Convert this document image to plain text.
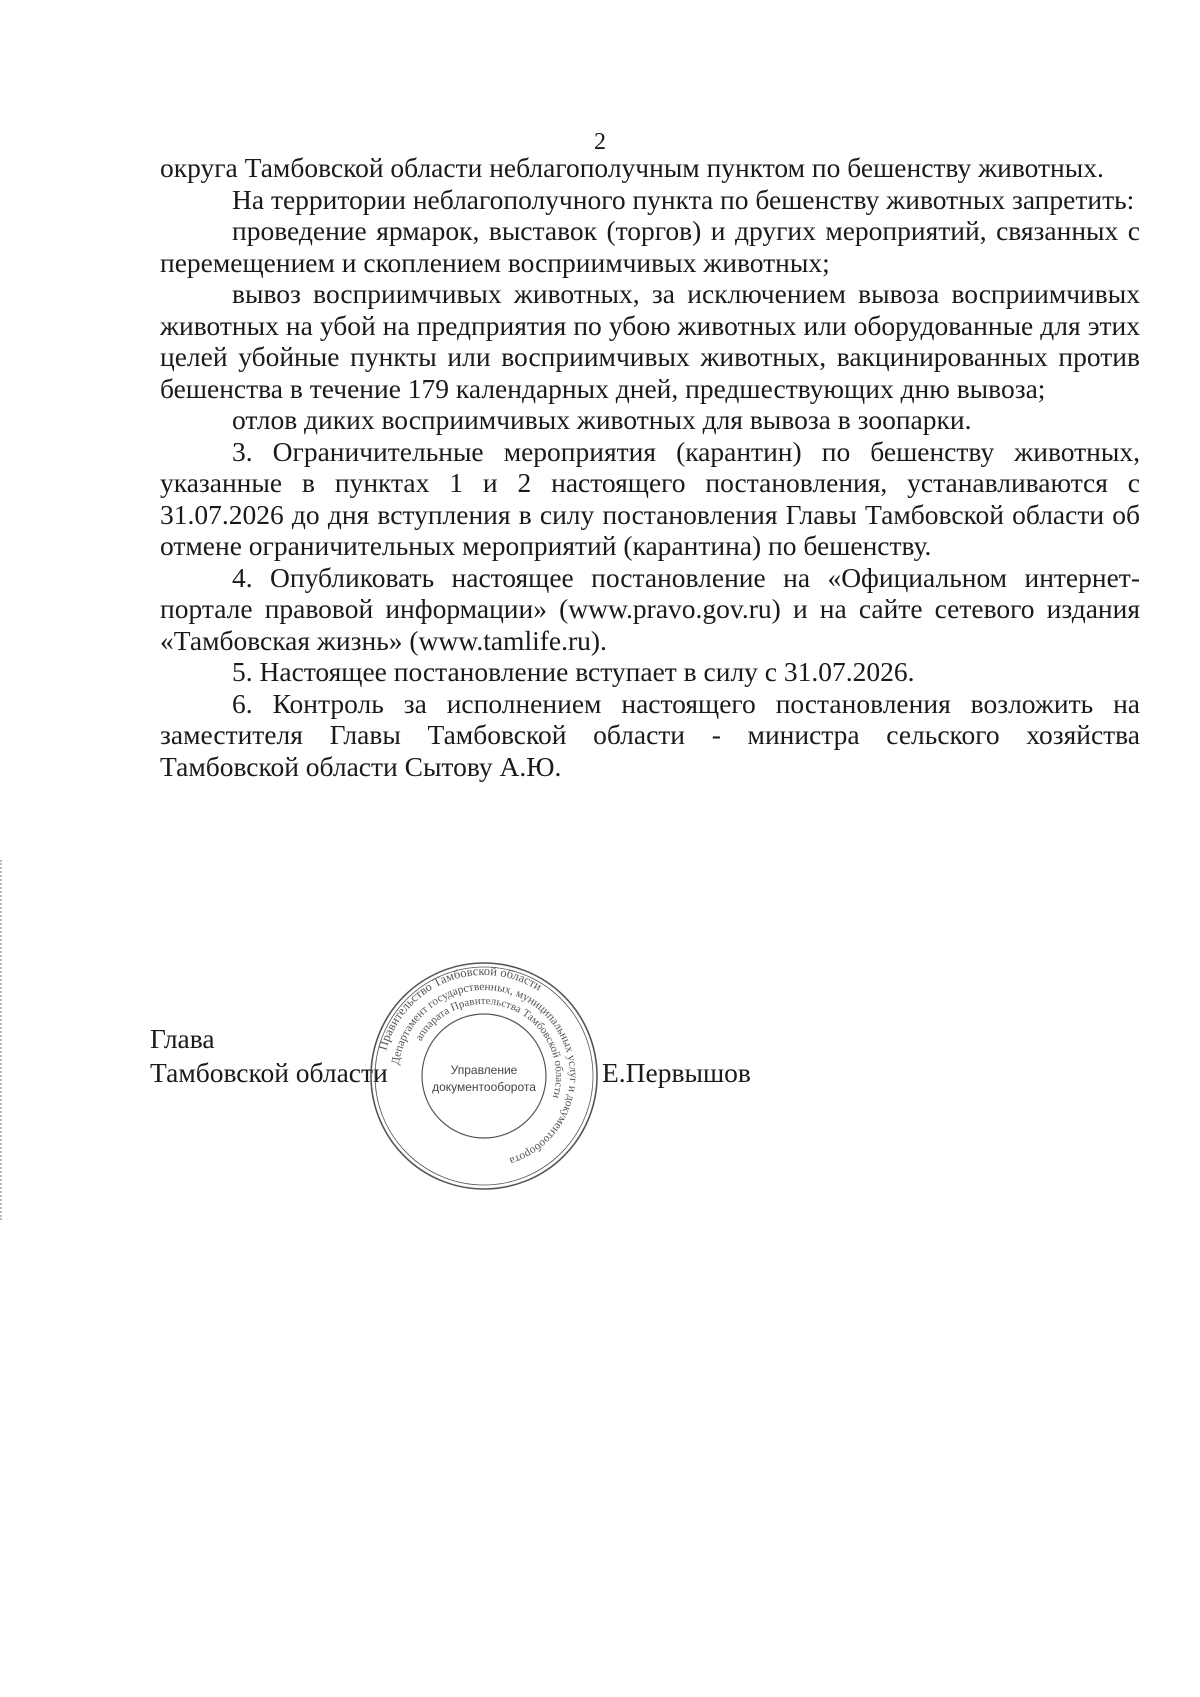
2

округа Тамбовской области неблагополучным пунктом по бешенству животных.

На территории неблагополучного пункта по бешенству животных запретить:

проведение ярмарок, выставок (торгов) и других мероприятий, связанных с перемещением и скоплением восприимчивых животных;

вывоз восприимчивых животных, за исключением вывоза восприимчивых животных на убой на предприятия по убою животных или оборудованные для этих целей убойные пункты или восприимчивых животных, вакцинированных против бешенства в течение 179 календарных дней, предшествующих дню вывоза;

отлов диких восприимчивых животных для вывоза в зоопарки.

3. Ограничительные мероприятия (карантин) по бешенству животных, указанные в пунктах 1 и 2 настоящего постановления, устанавливаются с 31.07.2026 до дня вступления в силу постановления Главы Тамбовской области об отмене ограничительных мероприятий (карантина) по бешенству.

4. Опубликовать настоящее постановление на «Официальном интернет-портале правовой информации» (www.pravo.gov.ru) и на сайте сетевого издания «Тамбовская жизнь» (www.tamlife.ru).

5. Настоящее постановление вступает в силу с 31.07.2026.

6. Контроль за исполнением настоящего постановления возложить на заместителя Главы Тамбовской области - министра сельского хозяйства Тамбовской области Сытову А.Ю.

Глава
Тамбовской области	Е.Первышов
Правительство Тамбовской области
Департамент государственных, муниципальных услуг и документооборота
аппарата Правительства Тамбовской области
Управление
документооборота
